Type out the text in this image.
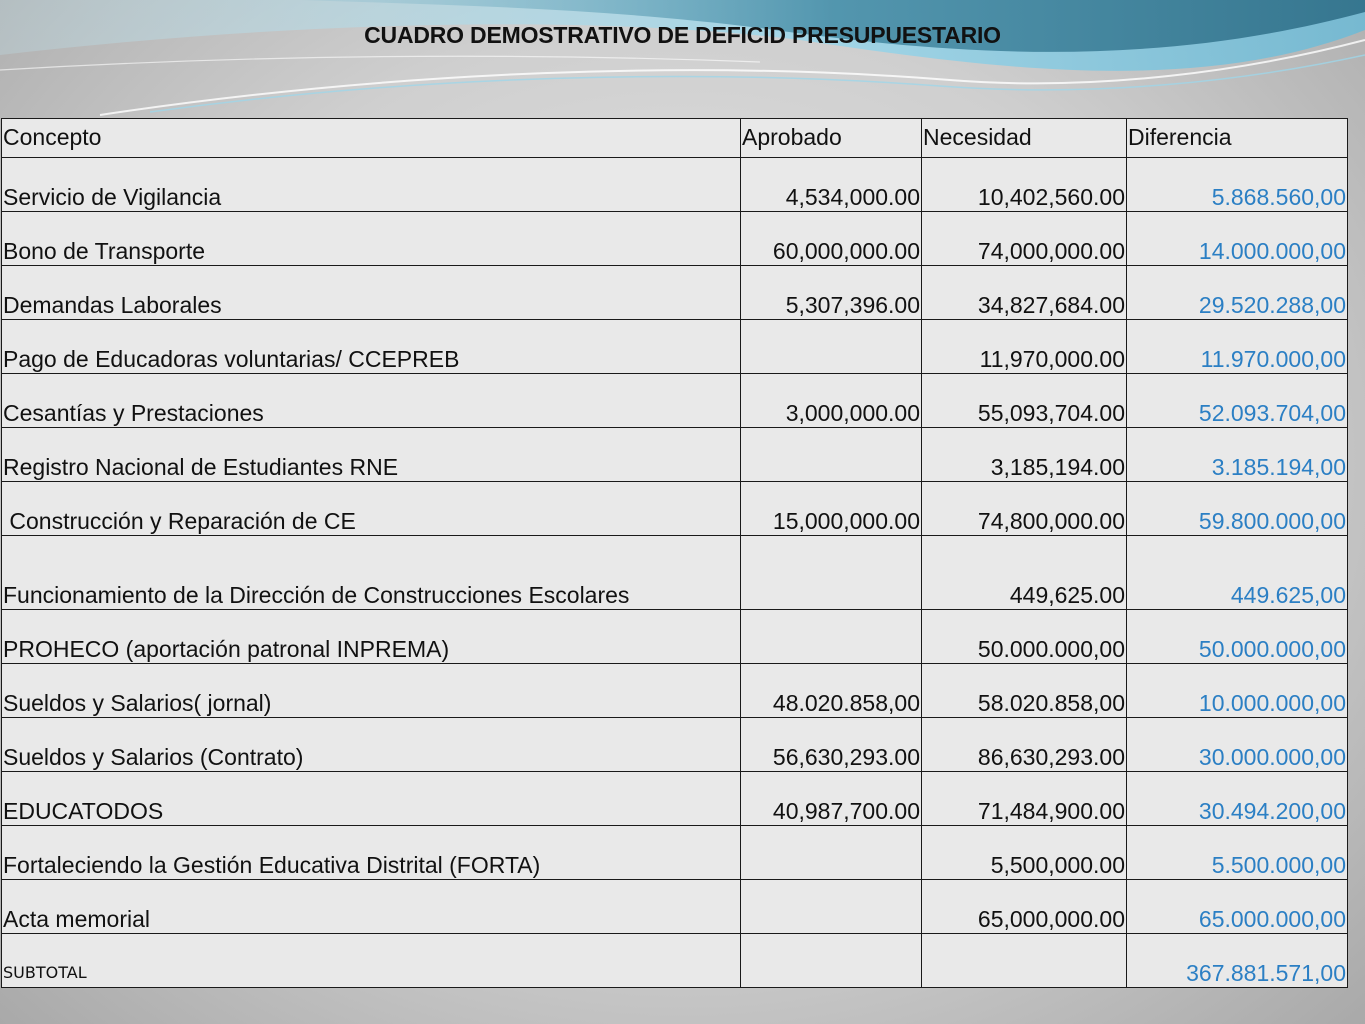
CUADRO DEMOSTRATIVO DE DEFICID PRESUPUESTARIO
Concepto	Aprobado	Necesidad	Diferencia
Servicio de Vigilancia	4,534,000.00	10,402,560.00	5.868.560,00
Bono de Transporte	60,000,000.00	74,000,000.00	14.000.000,00
Demandas Laborales	5,307,396.00	34,827,684.00	29.520.288,00
Pago de Educadoras voluntarias/ CCEPREB		11,970,000.00	11.970.000,00
Cesantías y Prestaciones	3,000,000.00	55,093,704.00	52.093.704,00
Registro Nacional de Estudiantes RNE		3,185,194.00	3.185.194,00
Construcción y Reparación de CE	15,000,000.00	74,800,000.00	59.800.000,00
Funcionamiento de la Dirección de Construcciones Escolares		449,625.00	449.625,00
PROHECO (aportación patronal INPREMA)		50.000.000,00	50.000.000,00
Sueldos y Salarios( jornal)	48.020.858,00	58.020.858,00	10.000.000,00
Sueldos y Salarios (Contrato)	56,630,293.00	86,630,293.00	30.000.000,00
EDUCATODOS	40,987,700.00	71,484,900.00	30.494.200,00
Fortaleciendo la Gestión Educativa Distrital (FORTA)		5,500,000.00	5.500.000,00
Acta memorial		65,000,000.00	65.000.000,00
SUBTOTAL			367.881.571,00
